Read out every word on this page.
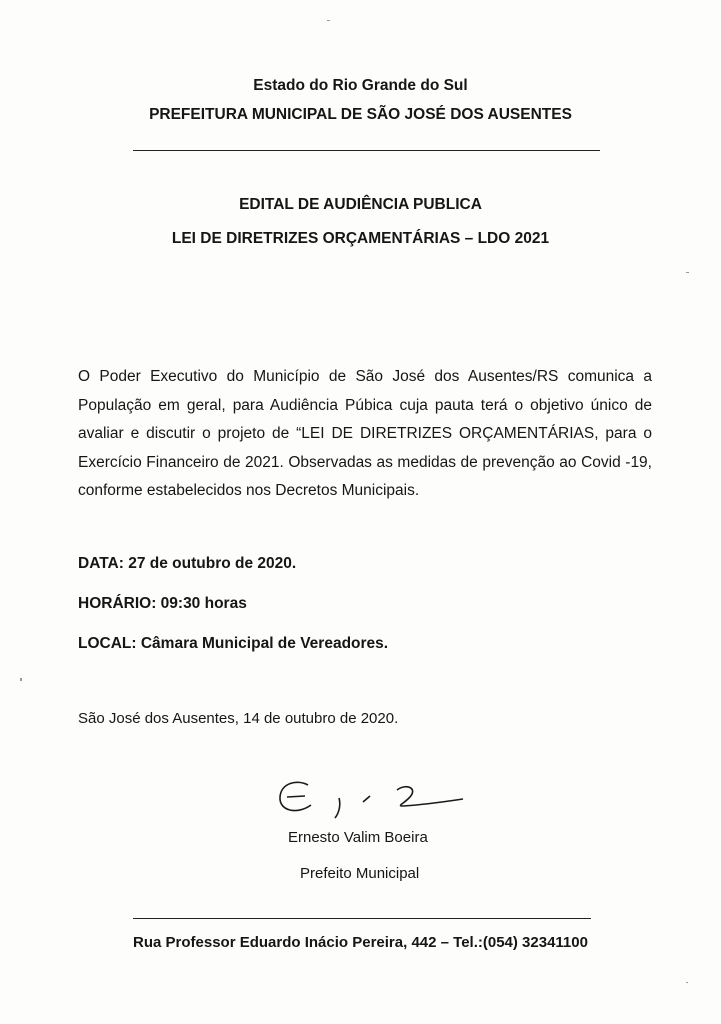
Estado do Rio Grande do Sul
PREFEITURA MUNICIPAL DE SÃO JOSÉ DOS AUSENTES
EDITAL DE AUDIÊNCIA PUBLICA
LEI DE DIRETRIZES ORÇAMENTÁRIAS – LDO 2021
O Poder Executivo do Município de São José dos Ausentes/RS comunica a População em geral, para Audiência Púbica cuja pauta terá o objetivo único de avaliar e discutir o projeto de “LEI DE DIRETRIZES ORÇAMENTÁRIAS, para o Exercício Financeiro de 2021. Observadas as medidas de prevenção ao Covid -19, conforme estabelecidos nos Decretos Municipais.
DATA: 27 de outubro de 2020.
HORÁRIO: 09:30 horas
LOCAL: Câmara Municipal de Vereadores.
São José dos Ausentes, 14 de outubro de 2020.
Ernesto Valim Boeira
Prefeito Municipal
Rua Professor Eduardo Inácio Pereira, 442 – Tel.:(054) 32341100
